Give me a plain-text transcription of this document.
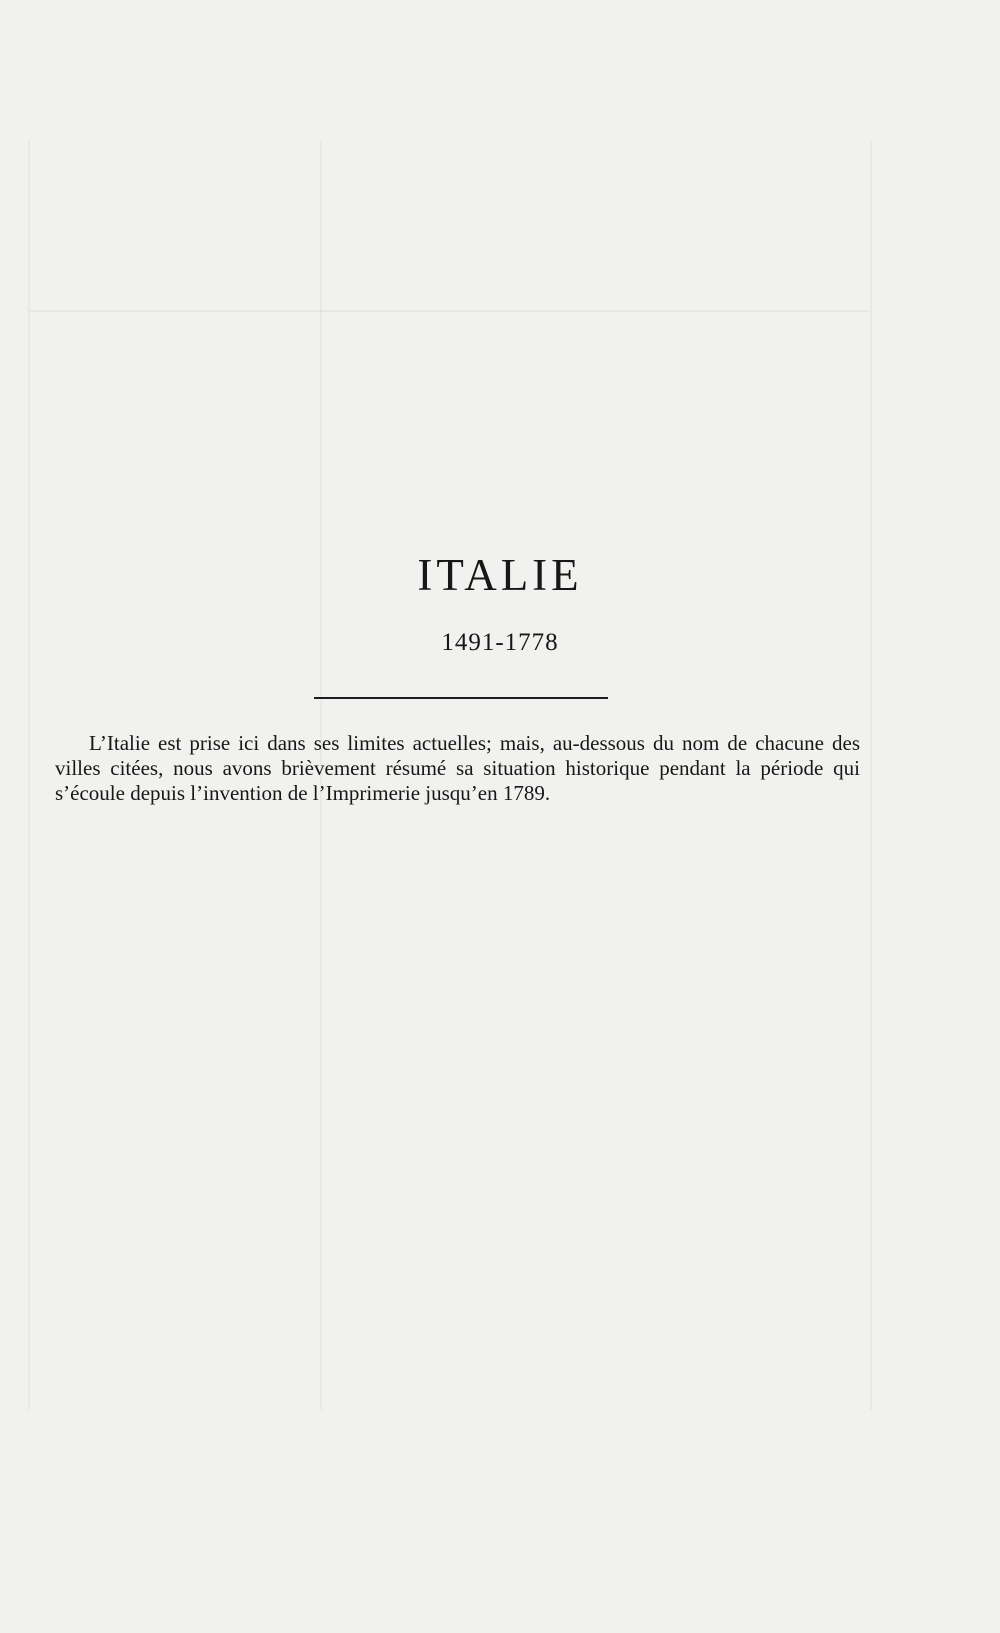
ITALIE
1491-1778

L’Italie est prise ici dans ses limites actuelles; mais, au-dessous du nom de chacune des villes citées, nous avons brièvement résumé sa situation historique pendant la période qui s’écoule depuis l’invention de l’Imprimerie jusqu’en 1789.
